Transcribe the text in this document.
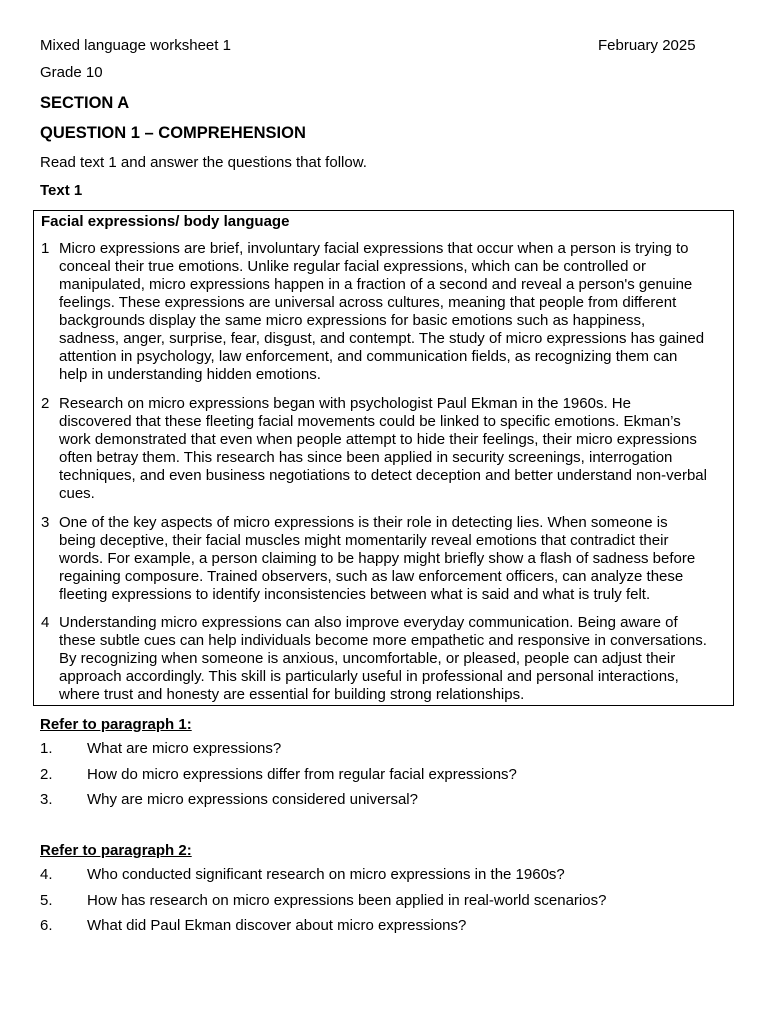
Mixed language worksheet 1	February 2025
Grade 10
SECTION A
QUESTION 1 – COMPREHENSION
Read text 1 and answer the questions that follow.
Text 1
Facial expressions/ body language
1 Micro expressions are brief, involuntary facial expressions that occur when a person is trying to
conceal their true emotions. Unlike regular facial expressions, which can be controlled or
manipulated, micro expressions happen in a fraction of a second and reveal a person's genuine
feelings. These expressions are universal across cultures, meaning that people from different
backgrounds display the same micro expressions for basic emotions such as happiness,
sadness, anger, surprise, fear, disgust, and contempt. The study of micro expressions has gained
attention in psychology, law enforcement, and communication fields, as recognizing them can
help in understanding hidden emotions.
2 Research on micro expressions began with psychologist Paul Ekman in the 1960s. He
discovered that these fleeting facial movements could be linked to specific emotions. Ekman’s
work demonstrated that even when people attempt to hide their feelings, their micro expressions
often betray them. This research has since been applied in security screenings, interrogation
techniques, and even business negotiations to detect deception and better understand non-verbal
cues.
3 One of the key aspects of micro expressions is their role in detecting lies. When someone is
being deceptive, their facial muscles might momentarily reveal emotions that contradict their
words. For example, a person claiming to be happy might briefly show a flash of sadness before
regaining composure. Trained observers, such as law enforcement officers, can analyze these
fleeting expressions to identify inconsistencies between what is said and what is truly felt.
4 Understanding micro expressions can also improve everyday communication. Being aware of
these subtle cues can help individuals become more empathetic and responsive in conversations.
By recognizing when someone is anxious, uncomfortable, or pleased, people can adjust their
approach accordingly. This skill is particularly useful in professional and personal interactions,
where trust and honesty are essential for building strong relationships.
Refer to paragraph 1:
1. What are micro expressions?
2. How do micro expressions differ from regular facial expressions?
3. Why are micro expressions considered universal?
Refer to paragraph 2:
4. Who conducted significant research on micro expressions in the 1960s?
5. How has research on micro expressions been applied in real-world scenarios?
6. What did Paul Ekman discover about micro expressions?
